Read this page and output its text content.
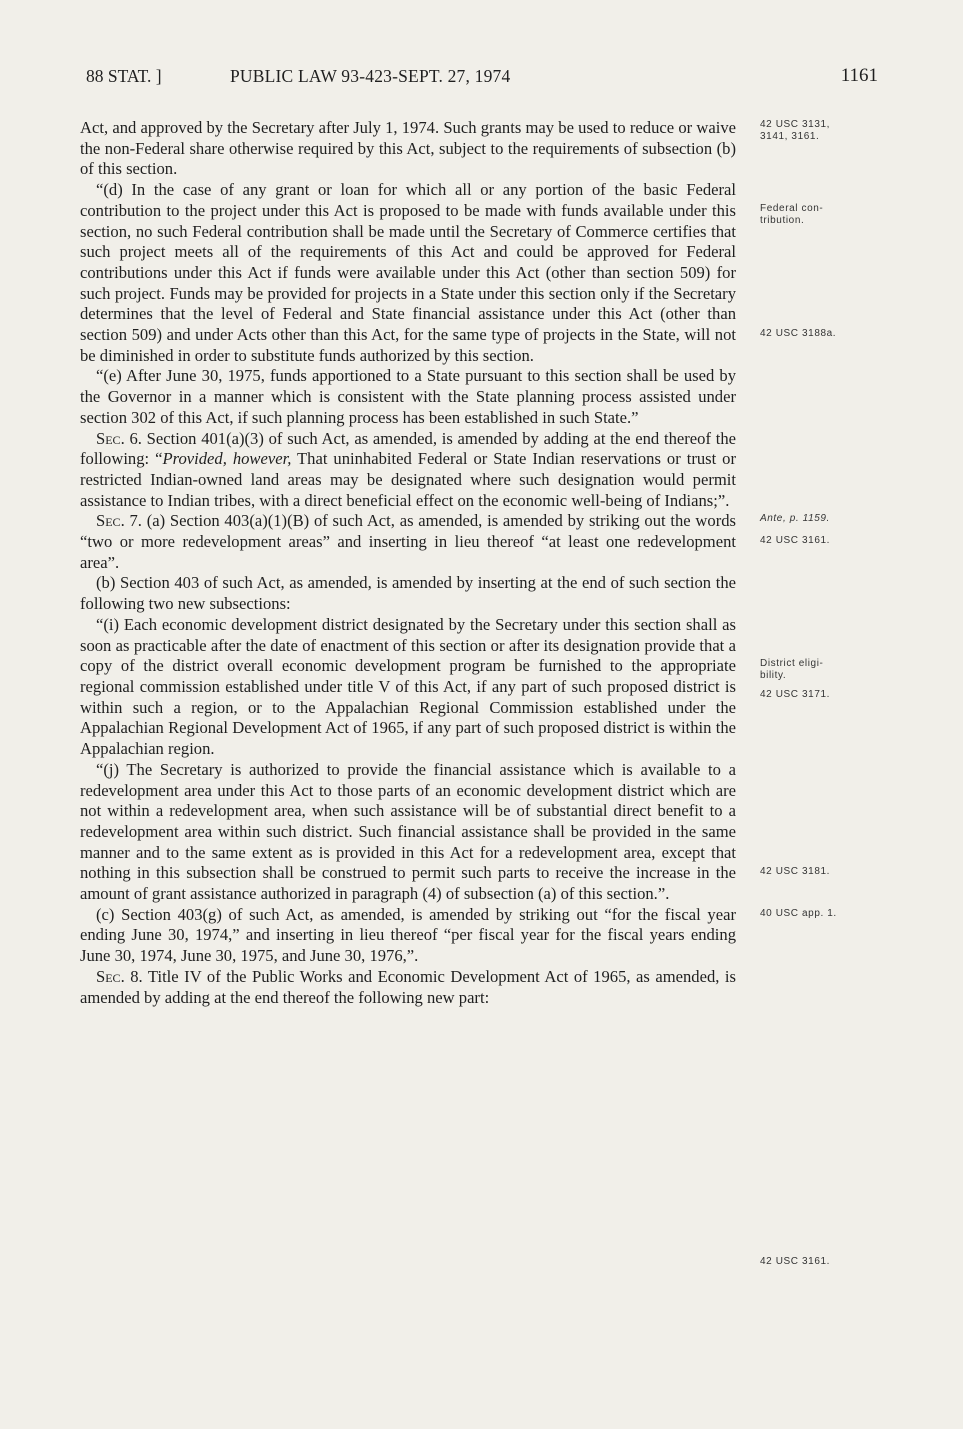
88 STAT. ]	PUBLIC LAW 93-423-SEPT. 27, 1974	1161

Act, and approved by the Secretary after July 1, 1974. Such grants may be used to reduce or waive the non-Federal share otherwise required by this Act, subject to the requirements of subsection (b) of this section.

“(d) In the case of any grant or loan for which all or any portion of the basic Federal contribution to the project under this Act is proposed to be made with funds available under this section, no such Federal contribution shall be made until the Secretary of Commerce certifies that such project meets all of the requirements of this Act and could be approved for Federal contributions under this Act if funds were available under this Act (other than section 509) for such project. Funds may be provided for projects in a State under this section only if the Secretary determines that the level of Federal and State financial assistance under this Act (other than section 509) and under Acts other than this Act, for the same type of projects in the State, will not be diminished in order to substitute funds authorized by this section.

“(e) After June 30, 1975, funds apportioned to a State pursuant to this section shall be used by the Governor in a manner which is consistent with the State planning process assisted under section 302 of this Act, if such planning process has been established in such State.”

Sec. 6. Section 401(a)(3) of such Act, as amended, is amended by adding at the end thereof the following: “Provided, however, That uninhabited Federal or State Indian reservations or trust or restricted Indian-owned land areas may be designated where such designation would permit assistance to Indian tribes, with a direct beneficial effect on the economic well-being of Indians;”.

Sec. 7. (a) Section 403(a)(1)(B) of such Act, as amended, is amended by striking out the words “two or more redevelopment areas” and inserting in lieu thereof “at least one redevelopment area”.

(b) Section 403 of such Act, as amended, is amended by inserting at the end of such section the following two new subsections:

“(i) Each economic development district designated by the Secretary under this section shall as soon as practicable after the date of enactment of this section or after its designation provide that a copy of the district overall economic development program be furnished to the appropriate regional commission established under title V of this Act, if any part of such proposed district is within such a region, or to the Appalachian Regional Commission established under the Appalachian Regional Development Act of 1965, if any part of such proposed district is within the Appalachian region.

“(j) The Secretary is authorized to provide the financial assistance which is available to a redevelopment area under this Act to those parts of an economic development district which are not within a redevelopment area, when such assistance will be of substantial direct benefit to a redevelopment area within such district. Such financial assistance shall be provided in the same manner and to the same extent as is provided in this Act for a redevelopment area, except that nothing in this subsection shall be construed to permit such parts to receive the increase in the amount of grant assistance authorized in paragraph (4) of subsection (a) of this section.”.

(c) Section 403(g) of such Act, as amended, is amended by striking out “for the fiscal year ending June 30, 1974,” and inserting in lieu thereof “per fiscal year for the fiscal years ending June 30, 1974, June 30, 1975, and June 30, 1976,”.

Sec. 8. Title IV of the Public Works and Economic Development Act of 1965, as amended, is amended by adding at the end thereof the following new part:

42 USC 3131,
3141, 3161.
Federal con-
tribution.
42 USC 3188a.
Ante, p. 1159.
42 USC 3161.
District eligi-
bility.
42 USC 3171.
42 USC 3181.
40 USC app. 1.
42 USC 3161.
